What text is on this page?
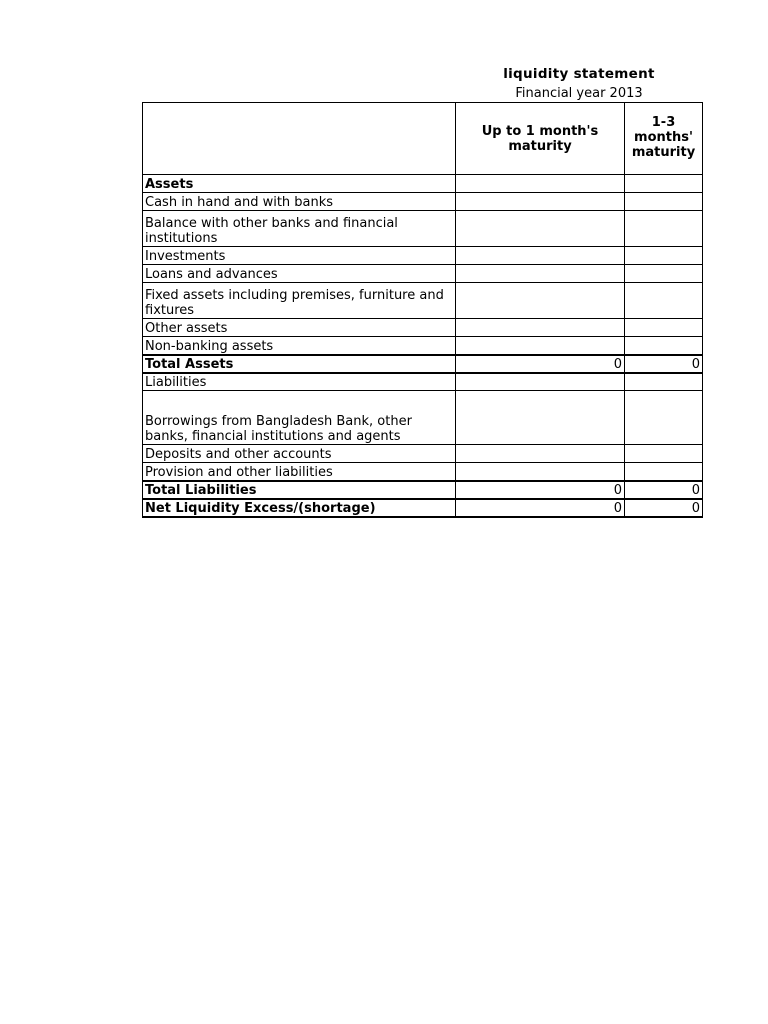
liquidity statement
Financial year 2013
	Up to 1 month's maturity	1-3 months' maturity
Assets		
Cash in hand and with banks		
Balance with other banks and financial institutions		
Investments		
Loans and advances		
Fixed assets including premises, furniture and fixtures		
Other assets		
Non-banking assets		
Total Assets	0	0
Liabilities		
Borrowings from Bangladesh Bank, other banks, financial institutions and agents		
Deposits and other accounts		
Provision and other liabilities		
Total Liabilities	0	0
Net Liquidity Excess/(shortage)	0	0
